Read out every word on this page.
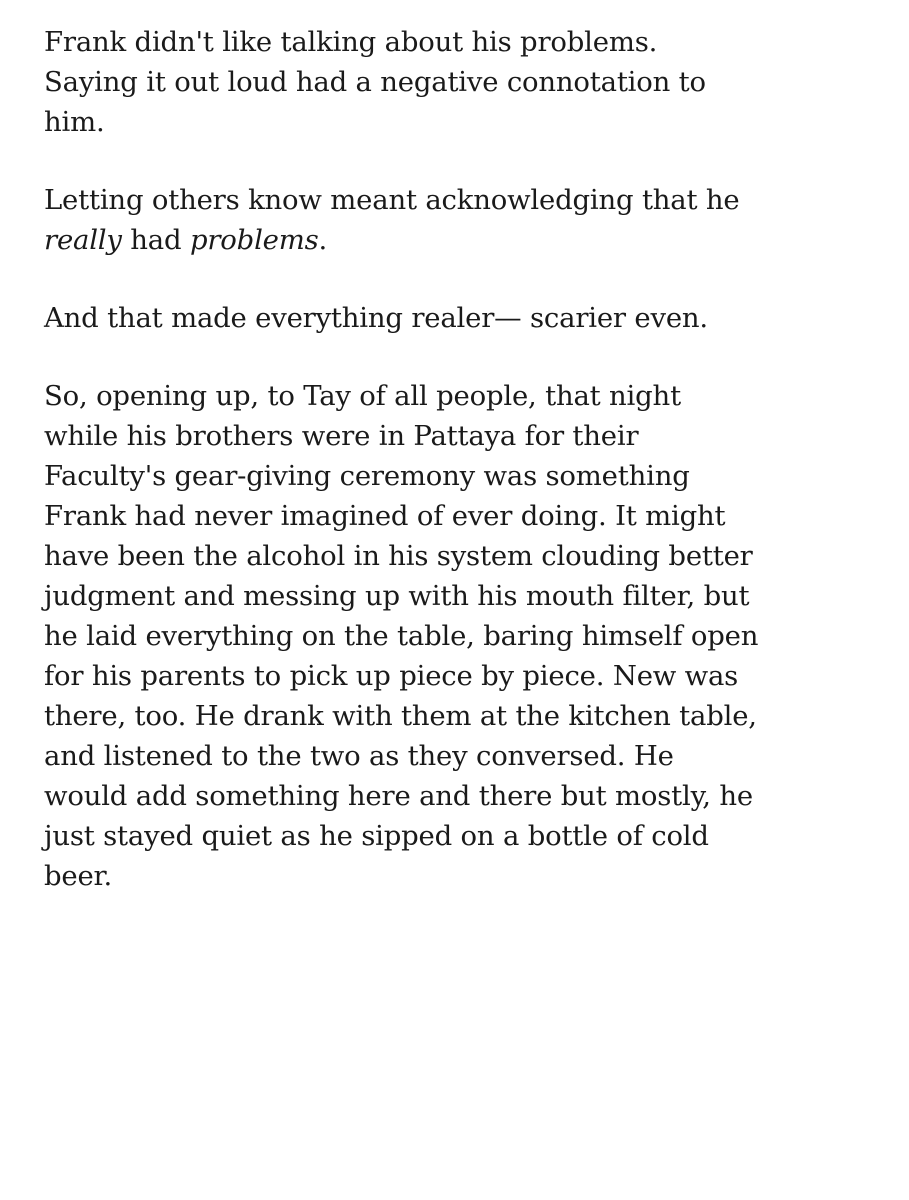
Frank didn't like talking about his problems.
Saying it out loud had a negative connotation to
him.

Letting others know meant acknowledging that he
really had problems.

And that made everything realer— scarier even.

So, opening up, to Tay of all people, that night
while his brothers were in Pattaya for their
Faculty's gear-giving ceremony was something
Frank had never imagined of ever doing. It might
have been the alcohol in his system clouding better
judgment and messing up with his mouth filter, but
he laid everything on the table, baring himself open
for his parents to pick up piece by piece. New was
there, too. He drank with them at the kitchen table,
and listened to the two as they conversed. He
would add something here and there but mostly, he
just stayed quiet as he sipped on a bottle of cold
beer.
